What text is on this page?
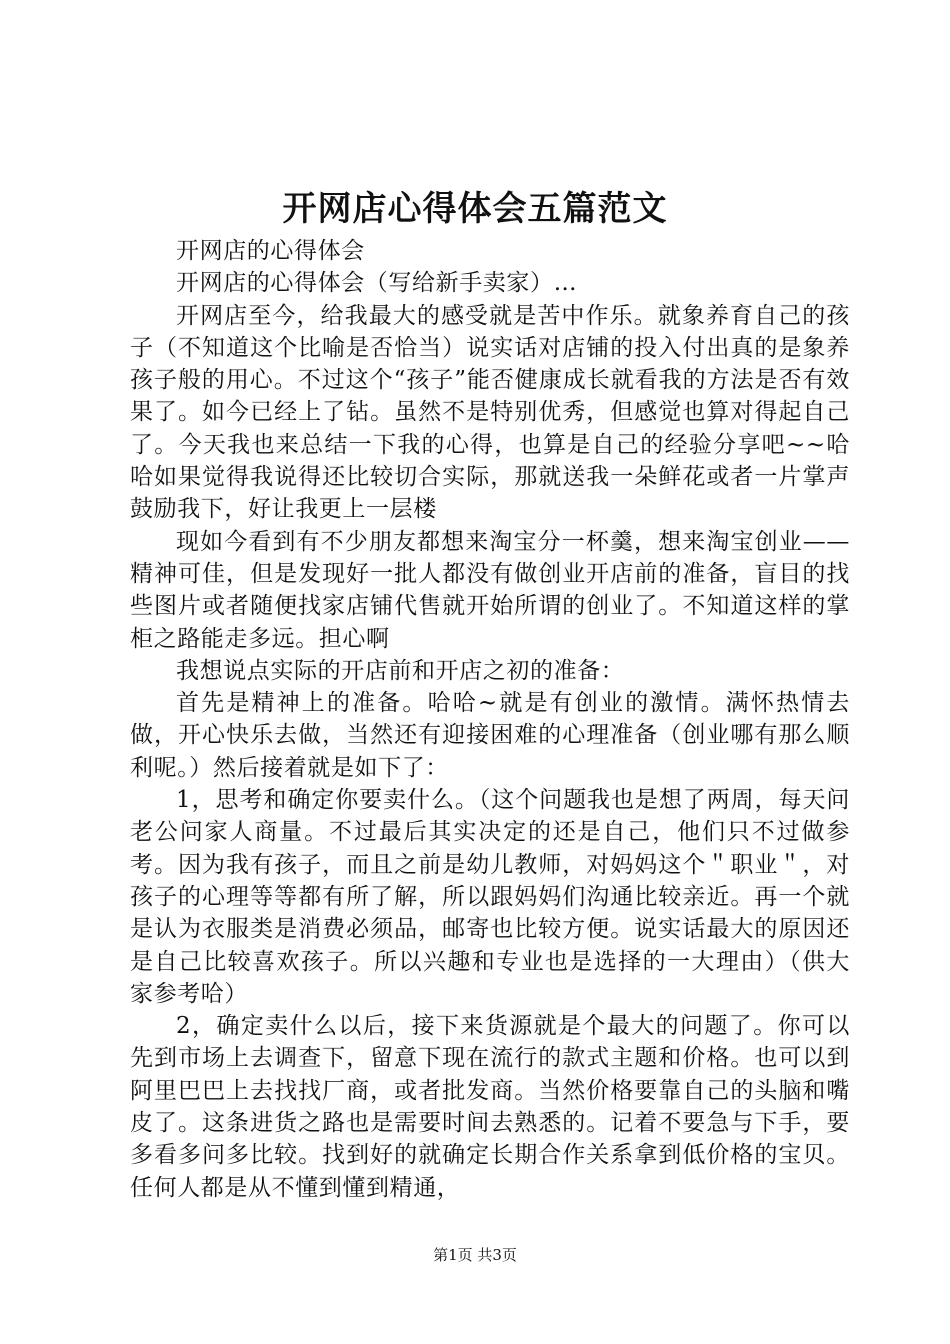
开网店心得体会五篇范文

开网店的心得体会

开网店的心得体会（写给新手卖家）…

开网店至今，给我最大的感受就是苦中作乐。就象养育自己的孩子（不知道这个比喻是否恰当）说实话对店铺的投入付出真的是象养孩子般的用心。不过这个“孩子”能否健康成长就看我的方法是否有效果了。如今已经上了钻。虽然不是特别优秀，但感觉也算对得起自己了。今天我也来总结一下我的心得，也算是自己的经验分享吧~~哈哈如果觉得我说得还比较切合实际，那就送我一朵鲜花或者一片掌声鼓励我下，好让我更上一层楼

现如今看到有不少朋友都想来淘宝分一杯羹，想来淘宝创业——精神可佳，但是发现好一批人都没有做创业开店前的准备，盲目的找些图片或者随便找家店铺代售就开始所谓的创业了。不知道这样的掌柜之路能走多远。担心啊

我想说点实际的开店前和开店之初的准备：

首先是精神上的准备。哈哈~就是有创业的激情。满怀热情去做，开心快乐去做，当然还有迎接困难的心理准备（创业哪有那么顺利呢。）然后接着就是如下了：

1，思考和确定你要卖什么。（这个问题我也是想了两周，每天问老公问家人商量。不过最后其实决定的还是自己，他们只不过做参考。因为我有孩子，而且之前是幼儿教师，对妈妈这个＂职业＂，对孩子的心理等等都有所了解，所以跟妈妈们沟通比较亲近。再一个就是认为衣服类是消费必须品，邮寄也比较方便。说实话最大的原因还是自己比较喜欢孩子。所以兴趣和专业也是选择的一大理由）（供大家参考哈）

2，确定卖什么以后，接下来货源就是个最大的问题了。你可以先到市场上去调查下，留意下现在流行的款式主题和价格。也可以到阿里巴巴上去找找厂商，或者批发商。当然价格要靠自己的头脑和嘴皮了。这条进货之路也是需要时间去熟悉的。记着不要急与下手，要多看多问多比较。找到好的就确定长期合作关系拿到低价格的宝贝。任何人都是从不懂到懂到精通，

第1页 共3页
